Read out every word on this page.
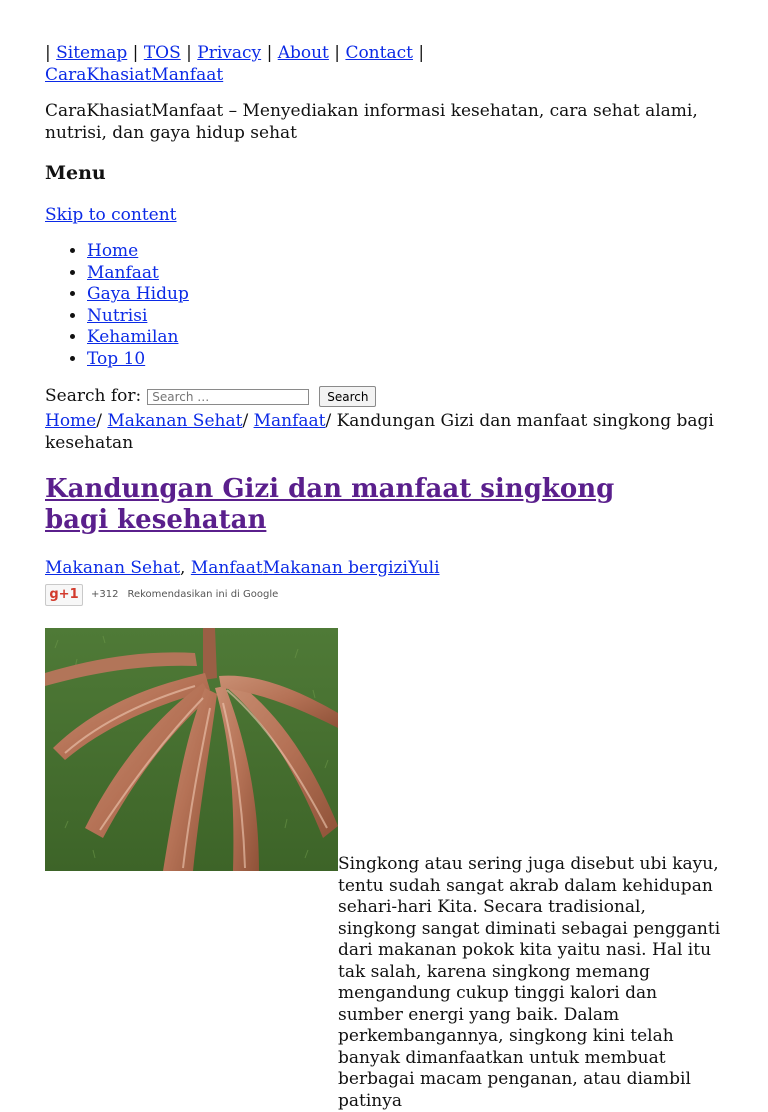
| Sitemap | TOS | Privacy | About | Contact |
CaraKhasiatManfaat
CaraKhasiatManfaat – Menyediakan informasi kesehatan, cara sehat alami, nutrisi, dan gaya hidup sehat
Menu
Skip to content
• Home
• Manfaat
• Gaya Hidup
• Nutrisi
• Kehamilan
• Top 10
Search for:
Search …	Search
Home/ Makanan Sehat/ Manfaat/ Kandungan Gizi dan manfaat singkong bagi kesehatan
Kandungan Gizi dan manfaat singkong bagi kesehatan
Makanan Sehat, ManfaatMakanan bergiziYuli
g+1	+312 Rekomendasikan ini di Google

Singkong atau sering juga disebut ubi kayu, tentu sudah sangat akrab dalam kehidupan sehari-hari Kita. Secara tradisional, singkong sangat diminati sebagai pengganti dari makanan pokok kita yaitu nasi. Hal itu tak salah, karena singkong memang mengandung cukup tinggi kalori dan sumber energi yang baik. Dalam perkembangannya, singkong kini telah banyak dimanfaatkan untuk membuat berbagai macam penganan, atau diambil patinya
